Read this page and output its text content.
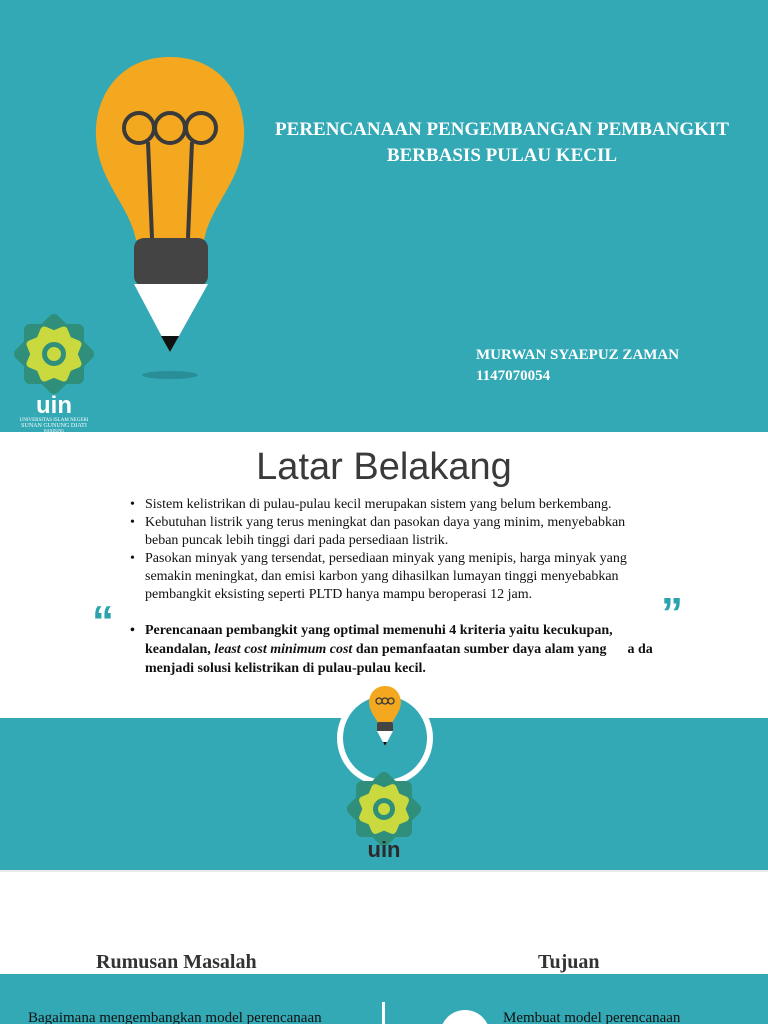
uin
UNIVERSITAS ISLAM NEGERI
SUNAN GUNUNG DJATI
BANDUNG
PERENCANAAN PENGEMBANGAN PEMBANGKIT BERBASIS PULAU KECIL
MURWAN SYAEPUZ ZAMAN
1147070054
Latar Belakang
• Sistem kelistrikan di pulau-pulau kecil merupakan sistem yang belum berkembang.
• Kebutuhan listrik yang terus meningkat dan pasokan daya yang minim, menyebabkan beban puncak lebih tinggi dari pada persediaan listrik.
• Pasokan minyak yang tersendat, persediaan minyak yang menipis, harga minyak yang semakin meningkat, dan emisi karbon yang dihasilkan lumayan tinggi menyebabkan pembangkit eksisting seperti PLTD hanya mampu beroperasi 12 jam.
“	”
• Perencanaan pembangkit yang optimal memenuhi 4 kriteria yaitu kecukupan, keandalan, least cost minimum cost dan pemanfaatan sumber daya alam yang      a da menjadi solusi kelistrikan di pulau-pulau kecil.
uin
Rumusan Masalah	Tujuan
Bagaimana mengembangkan model perencanaan	Membuat model perencanaan
